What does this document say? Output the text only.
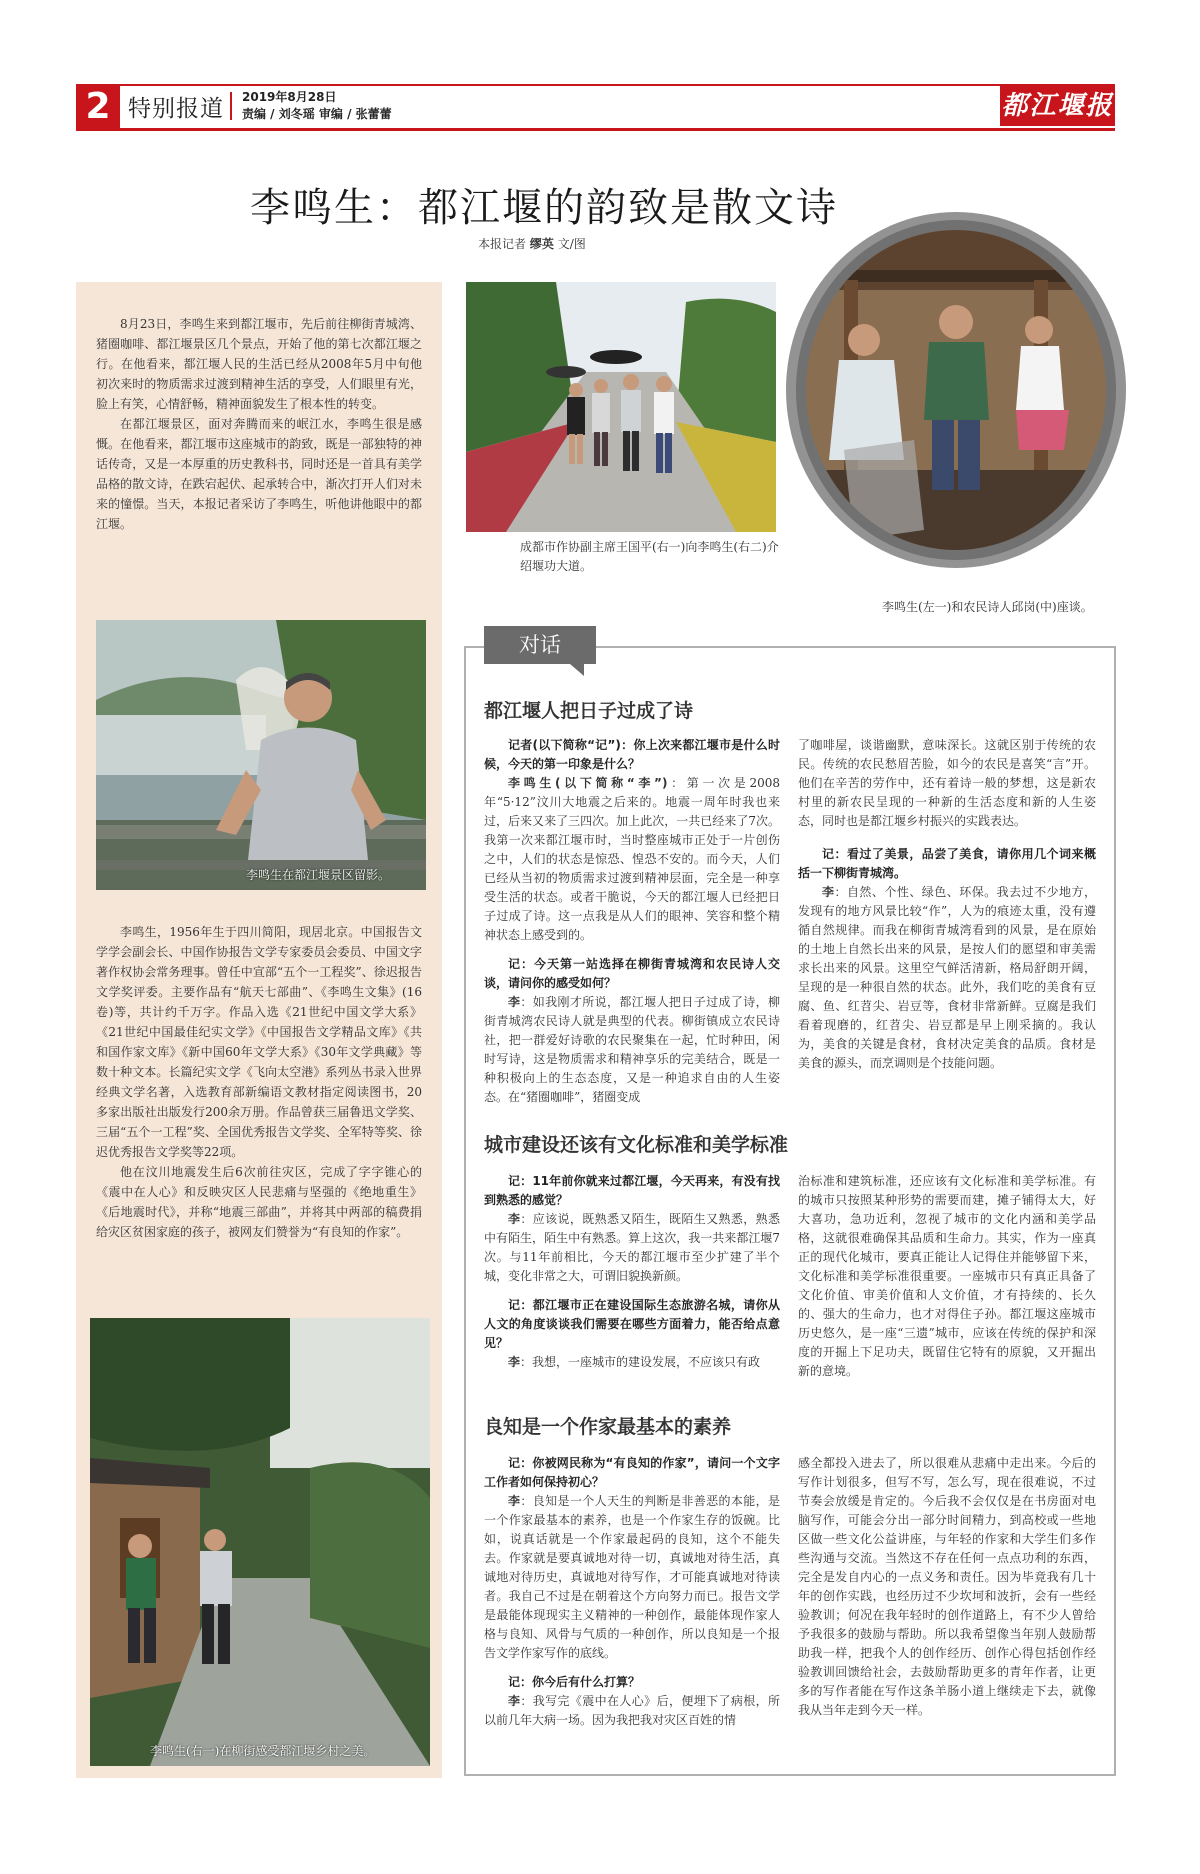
2 特别报道 2019年8月28日
责编 / 刘冬瑶 审编 / 张蕾蕾	都江堰报
李鸣生：都江堰的韵致是散文诗
本报记者 缪英 文/图

8月23日，李鸣生来到都江堰市，先后前往柳街青城湾、猪圈咖啡、都江堰景区几个景点，开始了他的第七次都江堰之行。在他看来，都江堰人民的生活已经从2008年5月中旬他初次来时的物质需求过渡到精神生活的享受，人们眼里有光，脸上有笑，心情舒畅，精神面貌发生了根本性的转变。

在都江堰景区，面对奔腾而来的岷江水，李鸣生很是感慨。在他看来，都江堰市这座城市的韵致，既是一部独特的神话传奇，又是一本厚重的历史教科书，同时还是一首具有美学品格的散文诗，在跌宕起伏、起承转合中，渐次打开人们对未来的憧憬。当天，本报记者采访了李鸣生，听他讲他眼中的都江堰。

李鸣生在都江堰景区留影。

李鸣生，1956年生于四川简阳，现居北京。中国报告文学学会副会长、中国作协报告文学专家委员会委员、中国文字著作权协会常务理事。曾任中宣部“五个一工程奖”、徐迟报告文学奖评委。主要作品有“航天七部曲”、《李鸣生文集》(16卷)等，共计约千万字。作品入选《21世纪中国文学大系》《21世纪中国最佳纪实文学》《中国报告文学精品文库》《共和国作家文库》《新中国60年文学大系》《30年文学典藏》等数十种文本。长篇纪实文学《飞向太空港》系列丛书录入世界经典文学名著，入选教育部新编语文教材指定阅读图书，20多家出版社出版发行200余万册。作品曾获三届鲁迅文学奖、三届“五个一工程”奖、全国优秀报告文学奖、全军特等奖、徐迟优秀报告文学奖等22项。

他在汶川地震发生后6次前往灾区，完成了字字锥心的《震中在人心》和反映灾区人民悲痛与坚强的《绝地重生》《后地震时代》，并称“地震三部曲”，并将其中两部的稿费捐给灾区贫困家庭的孩子，被网友们赞誉为“有良知的作家”。

李鸣生(右一)在柳街感受都江堰乡村之美。
成都市作协副主席王国平(右一)向李鸣生(右二)介绍堰功大道。
李鸣生(左一)和农民诗人邱岗(中)座谈。
对话
都江堰人把日子过成了诗
记者(以下简称“记”)：你上次来都江堰市是什么时候，今天的第一印象是什么？

李鸣生(以下简称“李”)：第一次是2008年“5·12”汶川大地震之后来的。地震一周年时我也来过，后来又来了三四次。加上此次，一共已经来了7次。我第一次来都江堰市时，当时整座城市正处于一片创伤之中，人们的状态是惊恐、惶恐不安的。而今天，人们已经从当初的物质需求过渡到精神层面，完全是一种享受生活的状态。或者干脆说，今天的都江堰人已经把日子过成了诗。这一点我是从人们的眼神、笑容和整个精神状态上感受到的。

记：今天第一站选择在柳街青城湾和农民诗人交谈，请问你的感受如何？

李：如我刚才所说，都江堰人把日子过成了诗，柳街青城湾农民诗人就是典型的代表。柳街镇成立农民诗社，把一群爱好诗歌的农民聚集在一起，忙时种田，闲时写诗，这是物质需求和精神享乐的完美结合，既是一种积极向上的生态态度，又是一种追求自由的人生姿态。在“猪圈咖啡”，猪圈变成

了咖啡屋，谈谐幽默，意味深长。这就区别于传统的农民。传统的农民愁眉苦脸，如今的农民是喜笑“言”开。他们在辛苦的劳作中，还有着诗一般的梦想，这是新农村里的新农民呈现的一种新的生活态度和新的人生姿态，同时也是都江堰乡村振兴的实践表达。

记：看过了美景，品尝了美食，请你用几个词来概括一下柳街青城湾。

李：自然、个性、绿色、环保。我去过不少地方，发现有的地方风景比较“作”，人为的痕迹太重，没有遵循自然规律。而我在柳街青城湾看到的风景，是在原始的土地上自然长出来的风景，是按人们的愿望和审美需求长出来的风景。这里空气鲜活清新，格局舒朗开阔，呈现的是一种很自然的状态。此外，我们吃的美食有豆腐、鱼、红苕尖、岩豆等，食材非常新鲜。豆腐是我们看着现磨的，红苕尖、岩豆都是早上刚采摘的。我认为，美食的关键是食材，食材决定美食的品质。食材是美食的源头，而烹调则是个技能问题。

城市建设还该有文化标准和美学标准
记：11年前你就来过都江堰，今天再来，有没有找到熟悉的感觉？

李：应该说，既熟悉又陌生，既陌生又熟悉，熟悉中有陌生，陌生中有熟悉。算上这次，我一共来都江堰7次。与11年前相比，今天的都江堰市至少扩建了半个城，变化非常之大，可谓旧貌换新颜。

记：都江堰市正在建设国际生态旅游名城，请你从人文的角度谈谈我们需要在哪些方面着力，能否给点意见？

李：我想，一座城市的建设发展，不应该只有政

治标准和建筑标准，还应该有文化标准和美学标准。有的城市只按照某种形势的需要而建，摊子铺得太大，好大喜功，急功近利，忽视了城市的文化内涵和美学品格，这就很难确保其品质和生命力。其实，作为一座真正的现代化城市，要真正能让人记得住并能够留下来，文化标准和美学标准很重要。一座城市只有真正具备了文化价值、审美价值和人文价值，才有持续的、长久的、强大的生命力，也才对得住子孙。都江堰这座城市历史悠久，是一座“三遗”城市，应该在传统的保护和深度的开掘上下足功夫，既留住它特有的原貌，又开掘出新的意境。

良知是一个作家最基本的素养
记：你被网民称为“有良知的作家”，请问一个文字工作者如何保持初心？

李：良知是一个人天生的判断是非善恶的本能，是一个作家最基本的素养，也是一个作家生存的饭碗。比如，说真话就是一个作家最起码的良知，这个不能失去。作家就是要真诚地对待一切，真诚地对待生活，真诚地对待历史，真诚地对待写作，才可能真诚地对待读者。我自己不过是在朝着这个方向努力而已。报告文学是最能体现现实主义精神的一种创作，最能体现作家人格与良知、风骨与气质的一种创作，所以良知是一个报告文学作家写作的底线。

记：你今后有什么打算？

李：我写完《震中在人心》后，便埋下了病根，所以前几年大病一场。因为我把我对灾区百姓的情

感全都投入进去了，所以很难从悲痛中走出来。今后的写作计划很多，但写不写，怎么写，现在很难说，不过节奏会放缓是肯定的。今后我不会仅仅是在书房面对电脑写作，可能会分出一部分时间精力，到高校或一些地区做一些文化公益讲座，与年轻的作家和大学生们多作些沟通与交流。当然这不存在任何一点点功利的东西，完全是发自内心的一点义务和责任。因为毕竟我有几十年的创作实践，也经历过不少坎坷和波折，会有一些经验教训；何况在我年轻时的创作道路上，有不少人曾给予我很多的鼓励与帮助。所以我希望像当年别人鼓励帮助我一样，把我个人的创作经历、创作心得包括创作经验教训回馈给社会，去鼓励帮助更多的青年作者，让更多的写作者能在写作这条羊肠小道上继续走下去，就像我从当年走到今天一样。
